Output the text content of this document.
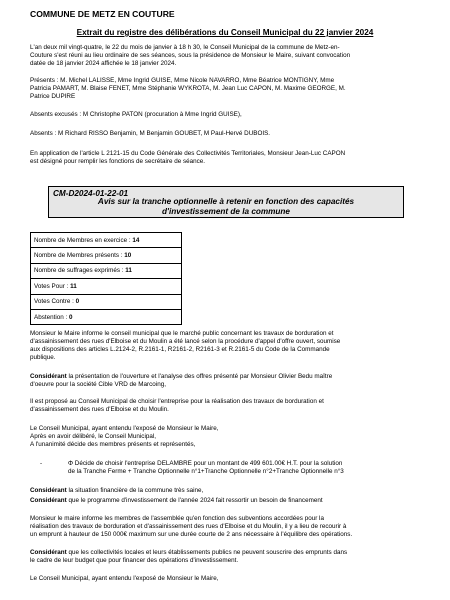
COMMUNE DE METZ EN COUTURE
Extrait du registre des délibérations du Conseil Municipal du 22 janvier 2024

L'an deux mil vingt-quatre, le 22 du mois de janvier à 18 h 30, le Conseil Municipal de la commune de Metz-en-

Couture s'est réuni au lieu ordinaire de ses séances, sous la présidence de Monsieur le Maire, suivant convocation

datée de 18 janvier 2024 affichée le 18 janvier 2024.

Présents : M. Michel LALISSE, Mme Ingrid GUISE, Mme Nicole NAVARRO, Mme Béatrice MONTIGNY, Mme

Patricia PAMART, M. Blaise FENET, Mme Stéphanie WYKROTA, M. Jean Luc CAPON, M. Maxime GEORGE, M.

Patrice DUPIRE

Absents excusés : M Christophe PATON (procuration à Mme Ingrid GUISE),

Absents : M Richard RISSO Benjamin, M Benjamin GOUBET, M Paul-Hervé DUBOIS.

En application de l'article L 2121-15 du Code Générale des Collectivités Territoriales, Monsieur Jean-Luc CAPON

est désigné pour remplir les fonctions de secrétaire de séance.

CM-D2024-01-22-01
Avis sur la tranche optionnelle à retenir en fonction des capacités
d'investissement de la commune
Nombre de Membres en exercice : 14
Nombre de Membres présents : 10
Nombre de suffrages exprimés : 11
Votes Pour : 11
Votes Contre : 0
Abstention : 0

Monsieur le Maire informe le conseil municipal que le marché public concernant les travaux de borduration et

d'assainissement des rues d'Elboise et du Moulin a été lancé selon la procédure d'appel d'offre ouvert, soumise

aux dispositions des articles L.2124-2, R.2161-1, R2161-2, R2161-3 et R.2161-5 du Code de la Commande

publique.

Considérant la présentation de l'ouverture et l'analyse des offres présenté par Monsieur Olivier Bedu maître

d'oeuvre pour la société Cible VRD de Marcoing,

Il est proposé au Conseil Municipal de choisir l'entreprise pour la réalisation des travaux de borduration et

d'assainissement des rues d'Elboise et du Moulin.

Le Conseil Municipal, ayant entendu l'exposé de Monsieur le Maire,

Après en avoir délibéré, le Conseil Municipal,

A l'unanimité décide des membres présents et représentés,

-	Φ Décide de choisir l'entreprise DELAMBRE pour un montant de 499 601.00€ H.T. pour la solution

de la Tranche Ferme + Tranche Optionnelle n°1+Tranche Optionnelle n°2+Tranche Optionnelle n°3

Considérant la situation financière de la commune très saine,

Considérant que le programme d'investissement de l'année 2024 fait ressortir un besoin de financement

Monsieur le maire informe les membres de l'assemblée qu'en fonction des subventions accordées pour la

réalisation des travaux de borduration et d'assainissement des rues d'Elboise et du Moulin, il y a lieu de recourir à

un emprunt à hauteur de 150 000€ maximum sur une durée courte de 2 ans nécessaire à l'équilibre des opérations.

Considérant que les collectivités locales et leurs établissements publics ne peuvent souscrire des emprunts dans

le cadre de leur budget que pour financer des opérations d'investissement.

Le Conseil Municipal, ayant entendu l'exposé de Monsieur le Maire,
